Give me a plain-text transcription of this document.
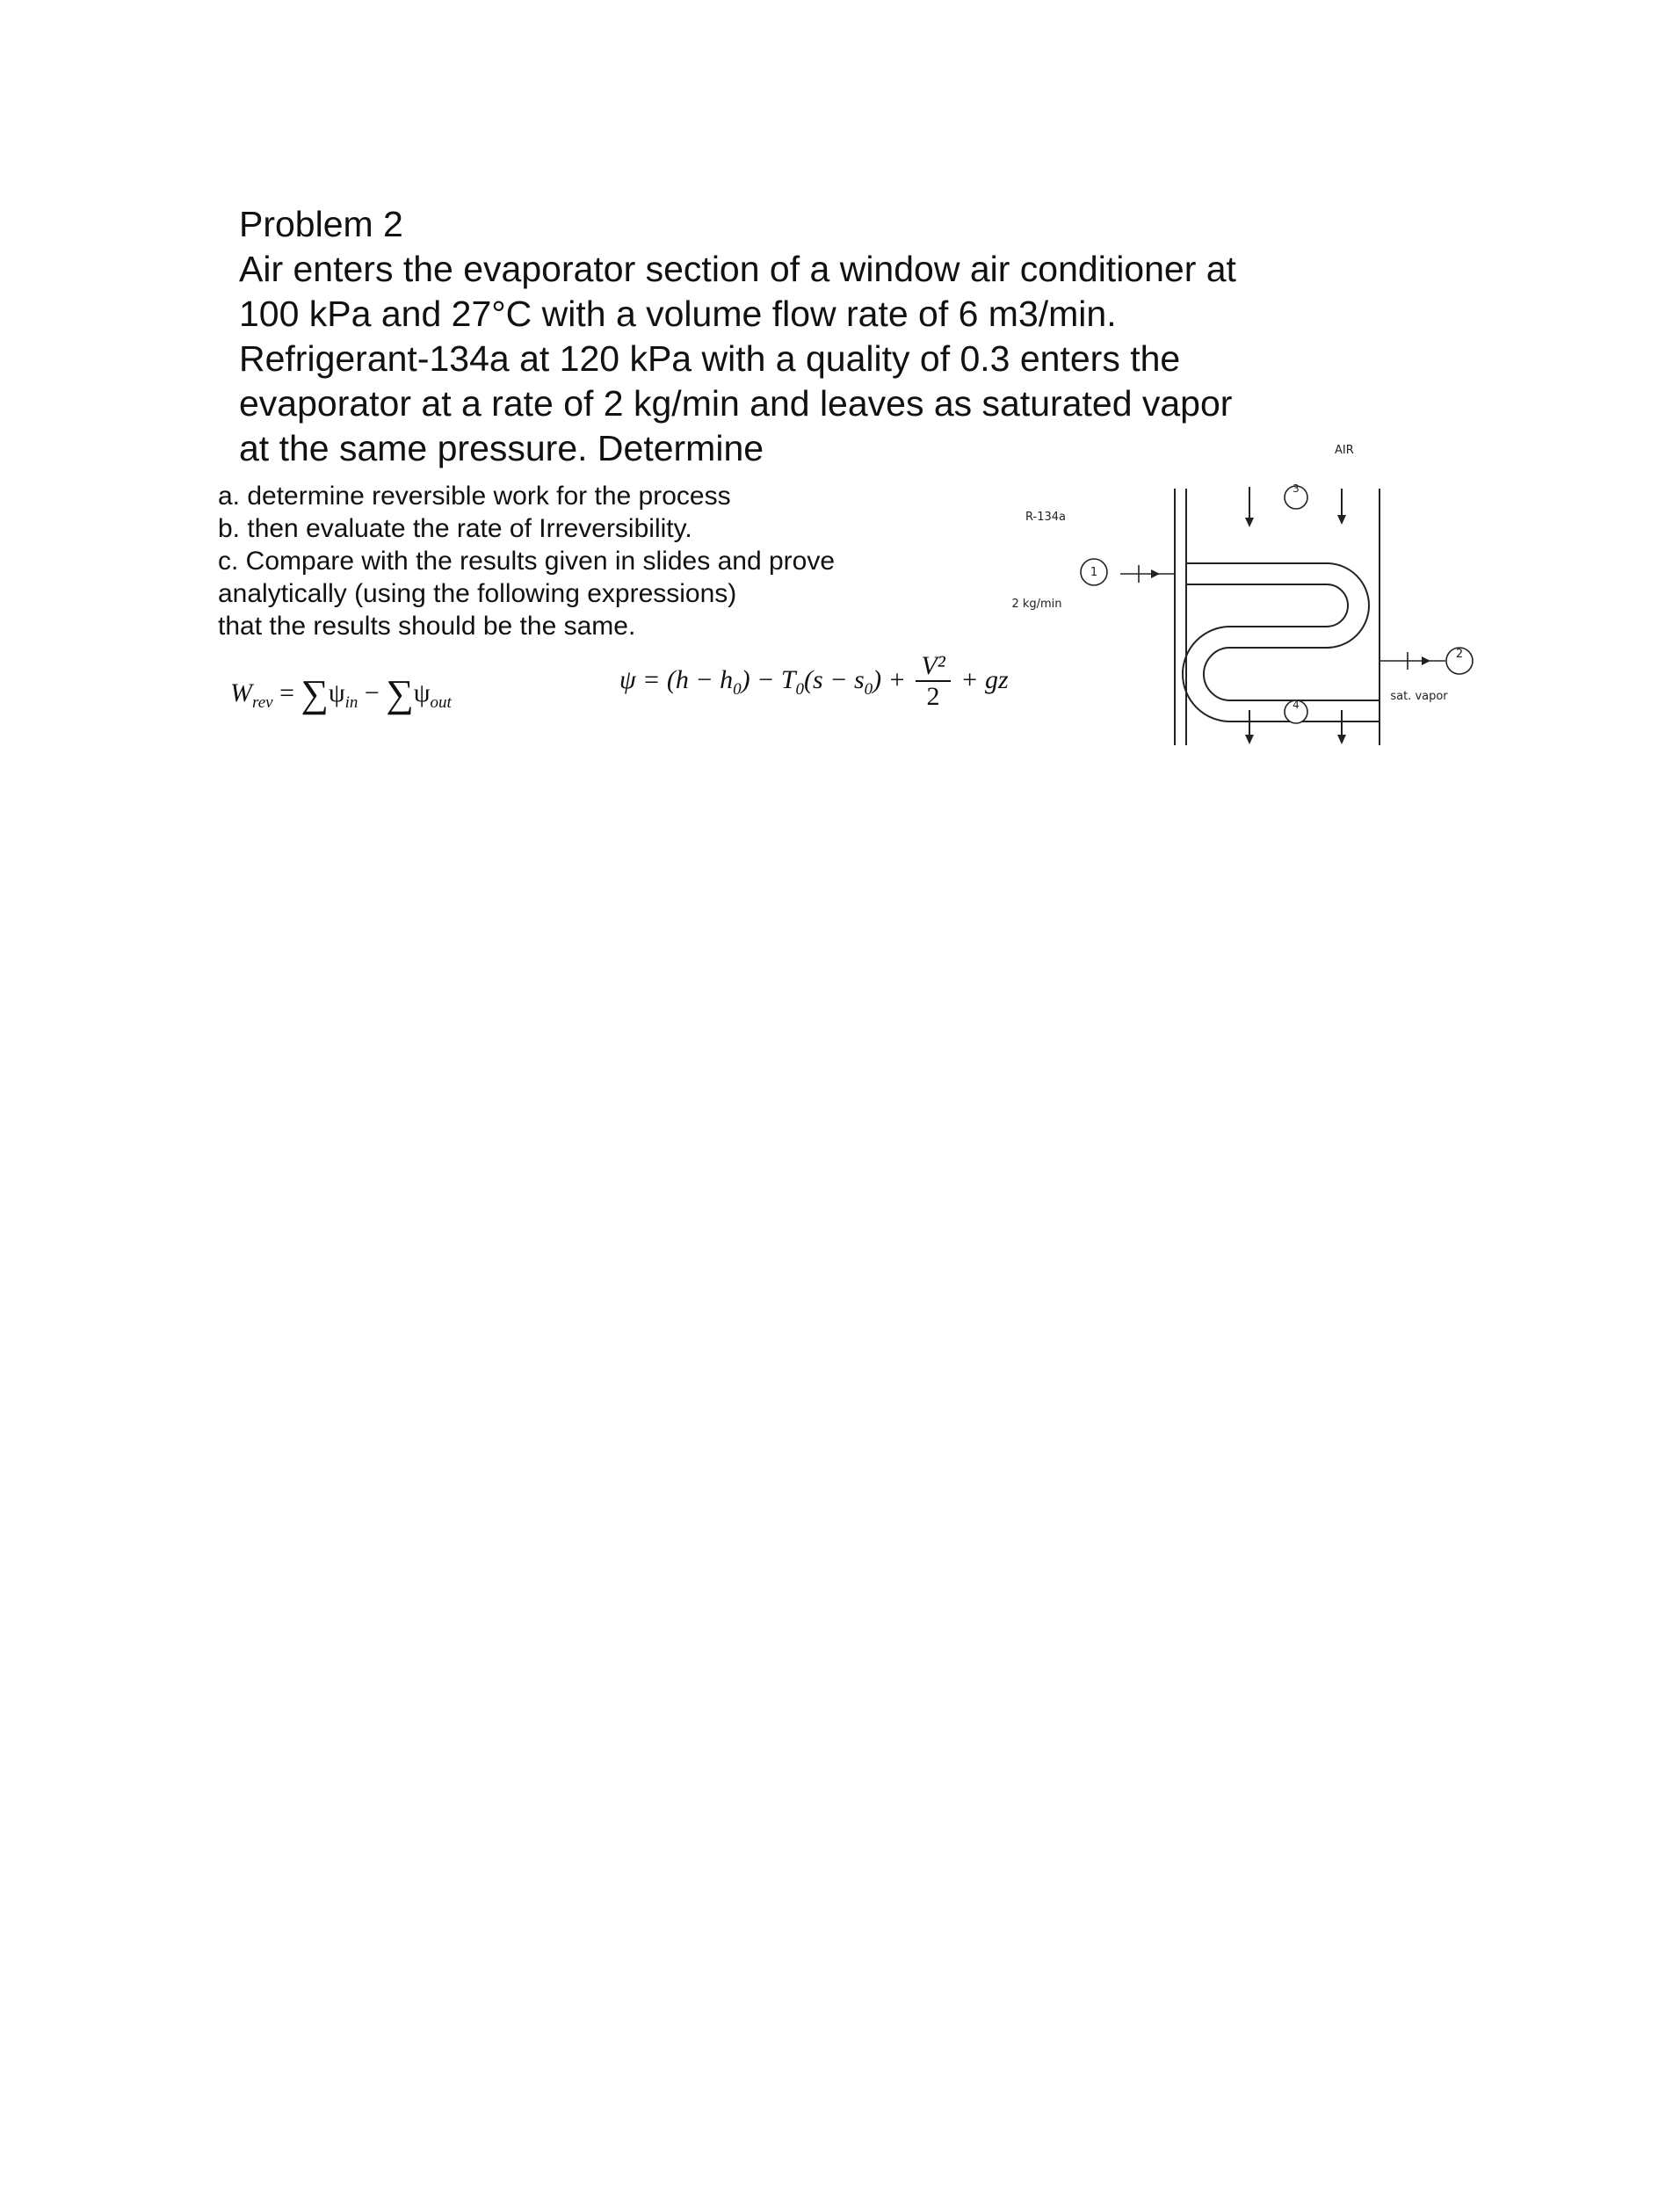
Problem 2

Air enters the evaporator section of a window air conditioner at

100 kPa and 27°C with a volume flow rate of 6 m3/min.

Refrigerant-134a at 120 kPa with a quality of 0.3 enters the

evaporator at a rate of 2 kg/min and leaves as saturated vapor

at the same pressure. Determine

a. determine reversible work for the process

b. then evaluate the rate of Irreversibility.

c. Compare with the results given in slides and prove

analytically (using the following expressions)

that the results should be the same.

$W_{rev} = \sum\psi_{in} - \sum\psi_{out}$
$\psi = (h - h_0) - T_0(s - s_0) + \frac{\text{V²}}{2}$ + gz
AIR
3
R-134a
2 kg/min
1
2
sat. vapor
4
